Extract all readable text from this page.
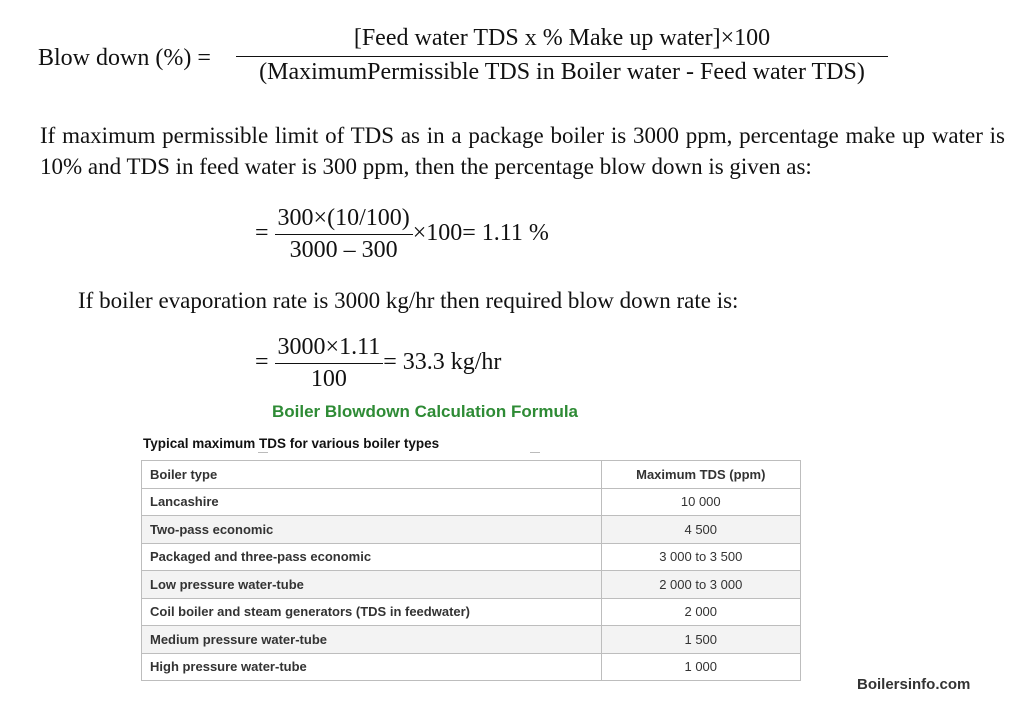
Blow down (%) =
[Feed water TDS x % Make up water]×100
(MaximumPermissible TDS in Boiler water - Feed water TDS)
If maximum permissible limit of TDS as in a package boiler is 3000 ppm, percentage make up water is 10% and TDS in feed water is 300 ppm, then the percentage blow down is given as:
= $\frac{300\times(10/100)}{3000 - 300} \times 100= 1.11$ %
If boiler evaporation rate is 3000 kg/hr then required blow down rate is:
= $\frac{3000\times 1.11}{100} = 33.3$ kg/hr
Boiler Blowdown Calculation Formula
Typical maximum TDS for various boiler types
Boiler type	Maximum TDS (ppm)
Lancashire	10 000
Two-pass economic	4 500
Packaged and three-pass economic	3 000 to 3 500
Low pressure water-tube	2 000 to 3 000
Coil boiler and steam generators (TDS in feedwater)	2 000
Medium pressure water-tube	1 500
High pressure water-tube	1 000
Boilersinfo.com
